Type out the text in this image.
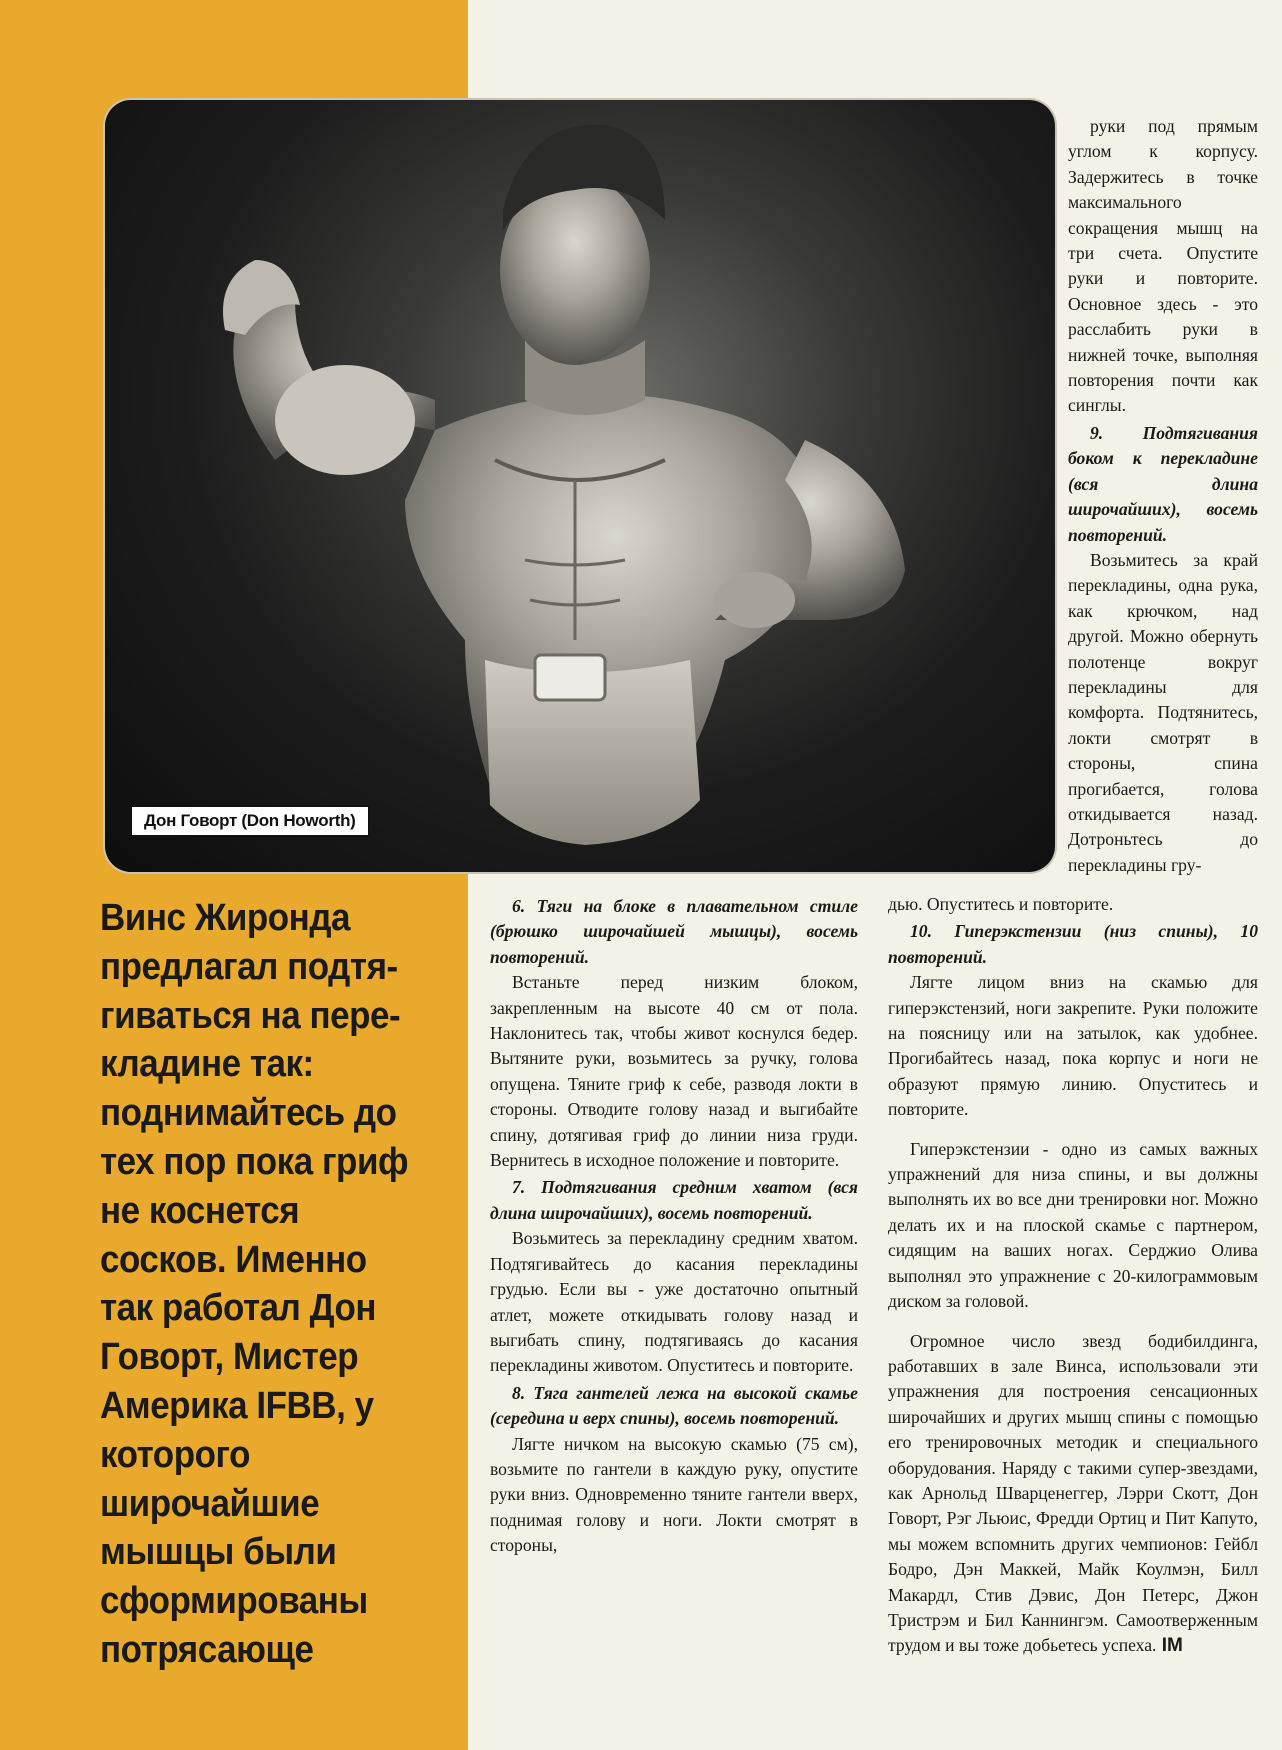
Дон Говорт (Don Howorth)
Винс Жиронда предлагал подтя-гиваться на пере-кладине так: поднимайтесь до тех пор пока гриф не коснется сосков. Именно так работал Дон Говорт, Мистер Америка IFBB, у которого широчайшие мышцы были сформированы потрясающе

руки под прямым углом к корпусу. Задержитесь в точке максимального сокращения мышц на три счета. Опустите руки и повторите. Основное здесь - это расслабить руки в нижней точке, выполняя повторения почти как синглы.

9. Подтягивания боком к перекладине (вся длина широчайших), восемь повторений.

Возьмитесь за край перекладины, одна рука, как крючком, над другой. Можно обернуть полотенце вокруг перекладины для комфорта. Подтянитесь, локти смотрят в стороны, спина прогибается, голова откидывается назад. Дотроньтесь до перекладины гру-

6. Тяги на блоке в плавательном стиле (брюшко широчайшей мышцы), восемь повторений.

Встаньте перед низким блоком, закрепленным на высоте 40 см от пола. Наклонитесь так, чтобы живот коснулся бедер. Вытяните руки, возьмитесь за ручку, голова опущена. Тяните гриф к себе, разводя локти в стороны. Отводите голову назад и выгибайте спину, дотягивая гриф до линии низа груди. Вернитесь в исходное положение и повторите.

7. Подтягивания средним хватом (вся длина широчайших), восемь повторений.

Возьмитесь за перекладину средним хватом. Подтягивайтесь до касания перекладины грудью. Если вы - уже достаточно опытный атлет, можете откидывать голову назад и выгибать спину, подтягиваясь до касания перекладины животом. Опуститесь и повторите.

8. Тяга гантелей лежа на высокой скамье (середина и верх спины), восемь повторений.

Лягте ничком на высокую скамью (75 см), возьмите по гантели в каждую руку, опустите руки вниз. Одновременно тяните гантели вверх, поднимая голову и ноги. Локти смотрят в стороны,

дью. Опуститесь и повторите.

10. Гиперэкстензии (низ спины), 10 повторений.

Лягте лицом вниз на скамью для гиперэкстензий, ноги закрепите. Руки положите на поясницу или на затылок, как удобнее. Прогибайтесь назад, пока корпус и ноги не образуют прямую линию. Опуститесь и повторите.

Гиперэкстензии - одно из самых важных упражнений для низа спины, и вы должны выполнять их во все дни тренировки ног. Можно делать их и на плоской скамье с партнером, сидящим на ваших ногах. Серджио Олива выполнял это упражнение с 20-килограммовым диском за головой.

Огромное число звезд бодибилдинга, работавших в зале Винса, использовали эти упражнения для построения сенсационных широчайших и других мышц спины с помощью его тренировочных методик и специального оборудования. Наряду с такими супер-звездами, как Арнольд Шварценеггер, Лэрри Скотт, Дон Говорт, Рэг Льюис, Фредди Ортиц и Пит Капуто, мы можем вспомнить других чемпионов: Гейбл Бодро, Дэн Маккей, Майк Коулмэн, Билл Макардл, Стив Дэвис, Дон Петерс, Джон Тристрэм и Бил Каннингэм. Самоотверженным трудом и вы тоже добьетесь успеха. IM
